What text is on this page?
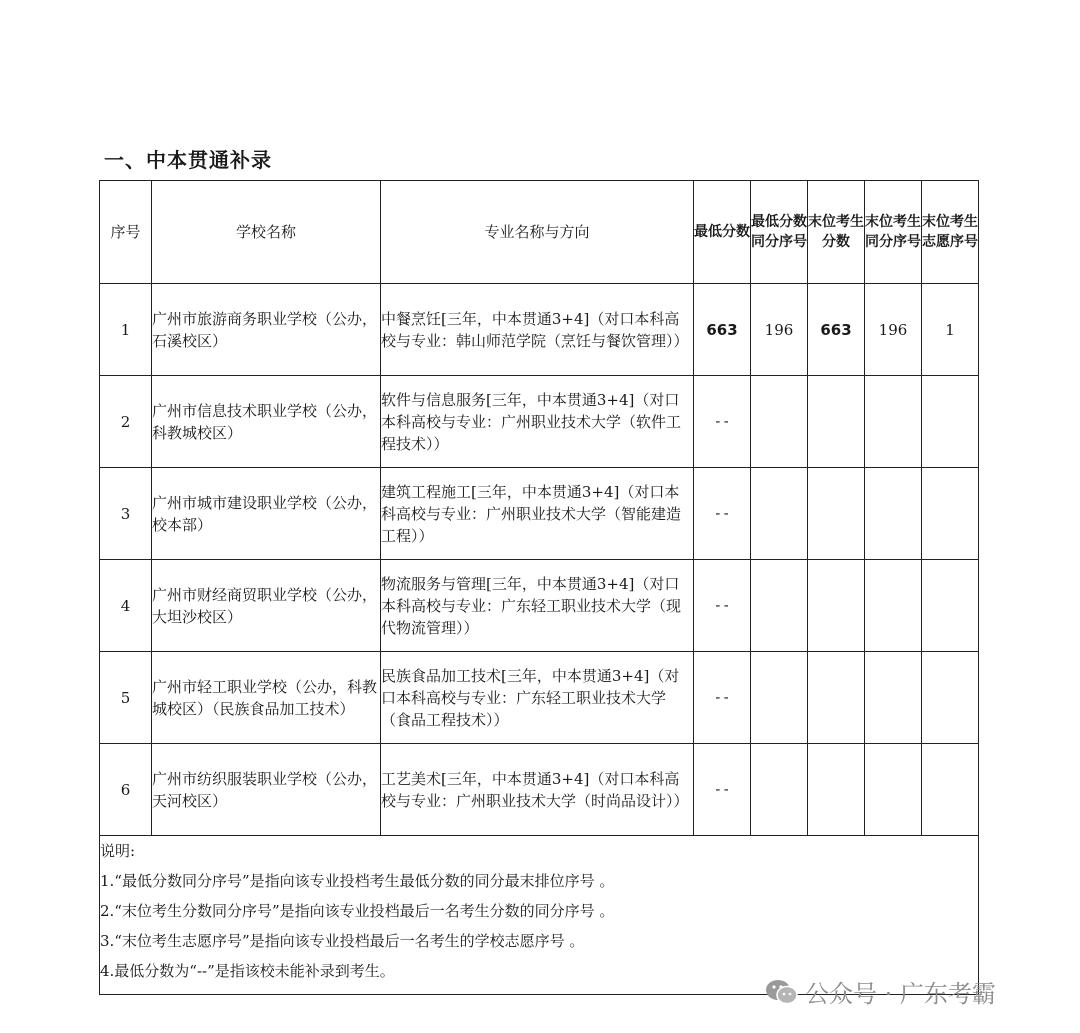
一、中本贯通补录
序号	学校名称	专业名称与方向	最低分数	最低分数同分序号	末位考生分数	末位考生同分序号	末位考生志愿序号
1	广州市旅游商务职业学校（公办，石溪校区）	中餐烹饪[三年，中本贯通3+4]（对口本科高校与专业：韩山师范学院（烹饪与餐饮管理））	663	196	663	196	1
2	广州市信息技术职业学校（公办，科教城校区）	软件与信息服务[三年，中本贯通3+4]（对口本科高校与专业：广州职业技术大学（软件工程技术））	--				
3	广州市城市建设职业学校（公办，校本部）	建筑工程施工[三年，中本贯通3+4]（对口本科高校与专业：广州职业技术大学（智能建造工程））	--				
4	广州市财经商贸职业学校（公办，大坦沙校区）	物流服务与管理[三年，中本贯通3+4]（对口本科高校与专业：广东轻工职业技术大学（现代物流管理））	--				
5	广州市轻工职业学校（公办，科教城校区）（民族食品加工技术）	民族食品加工技术[三年，中本贯通3+4]（对口本科高校与专业：广东轻工职业技术大学（食品工程技术））	--				
6	广州市纺织服装职业学校（公办，天河校区）	工艺美术[三年，中本贯通3+4]（对口本科高校与专业：广州职业技术大学（时尚品设计））	--				

说明:
1.“最低分数同分序号”是指向该专业投档考生最低分数的同分最末排位序号 。
2.“末位考生分数同分序号”是指向该专业投档最后一名考生分数的同分序号 。
3.“末位考生志愿序号”是指向该专业投档最后一名考生的学校志愿序号 。
4.最低分数为“--”是指该校未能补录到考生。							
公众号 · 广东考霸
